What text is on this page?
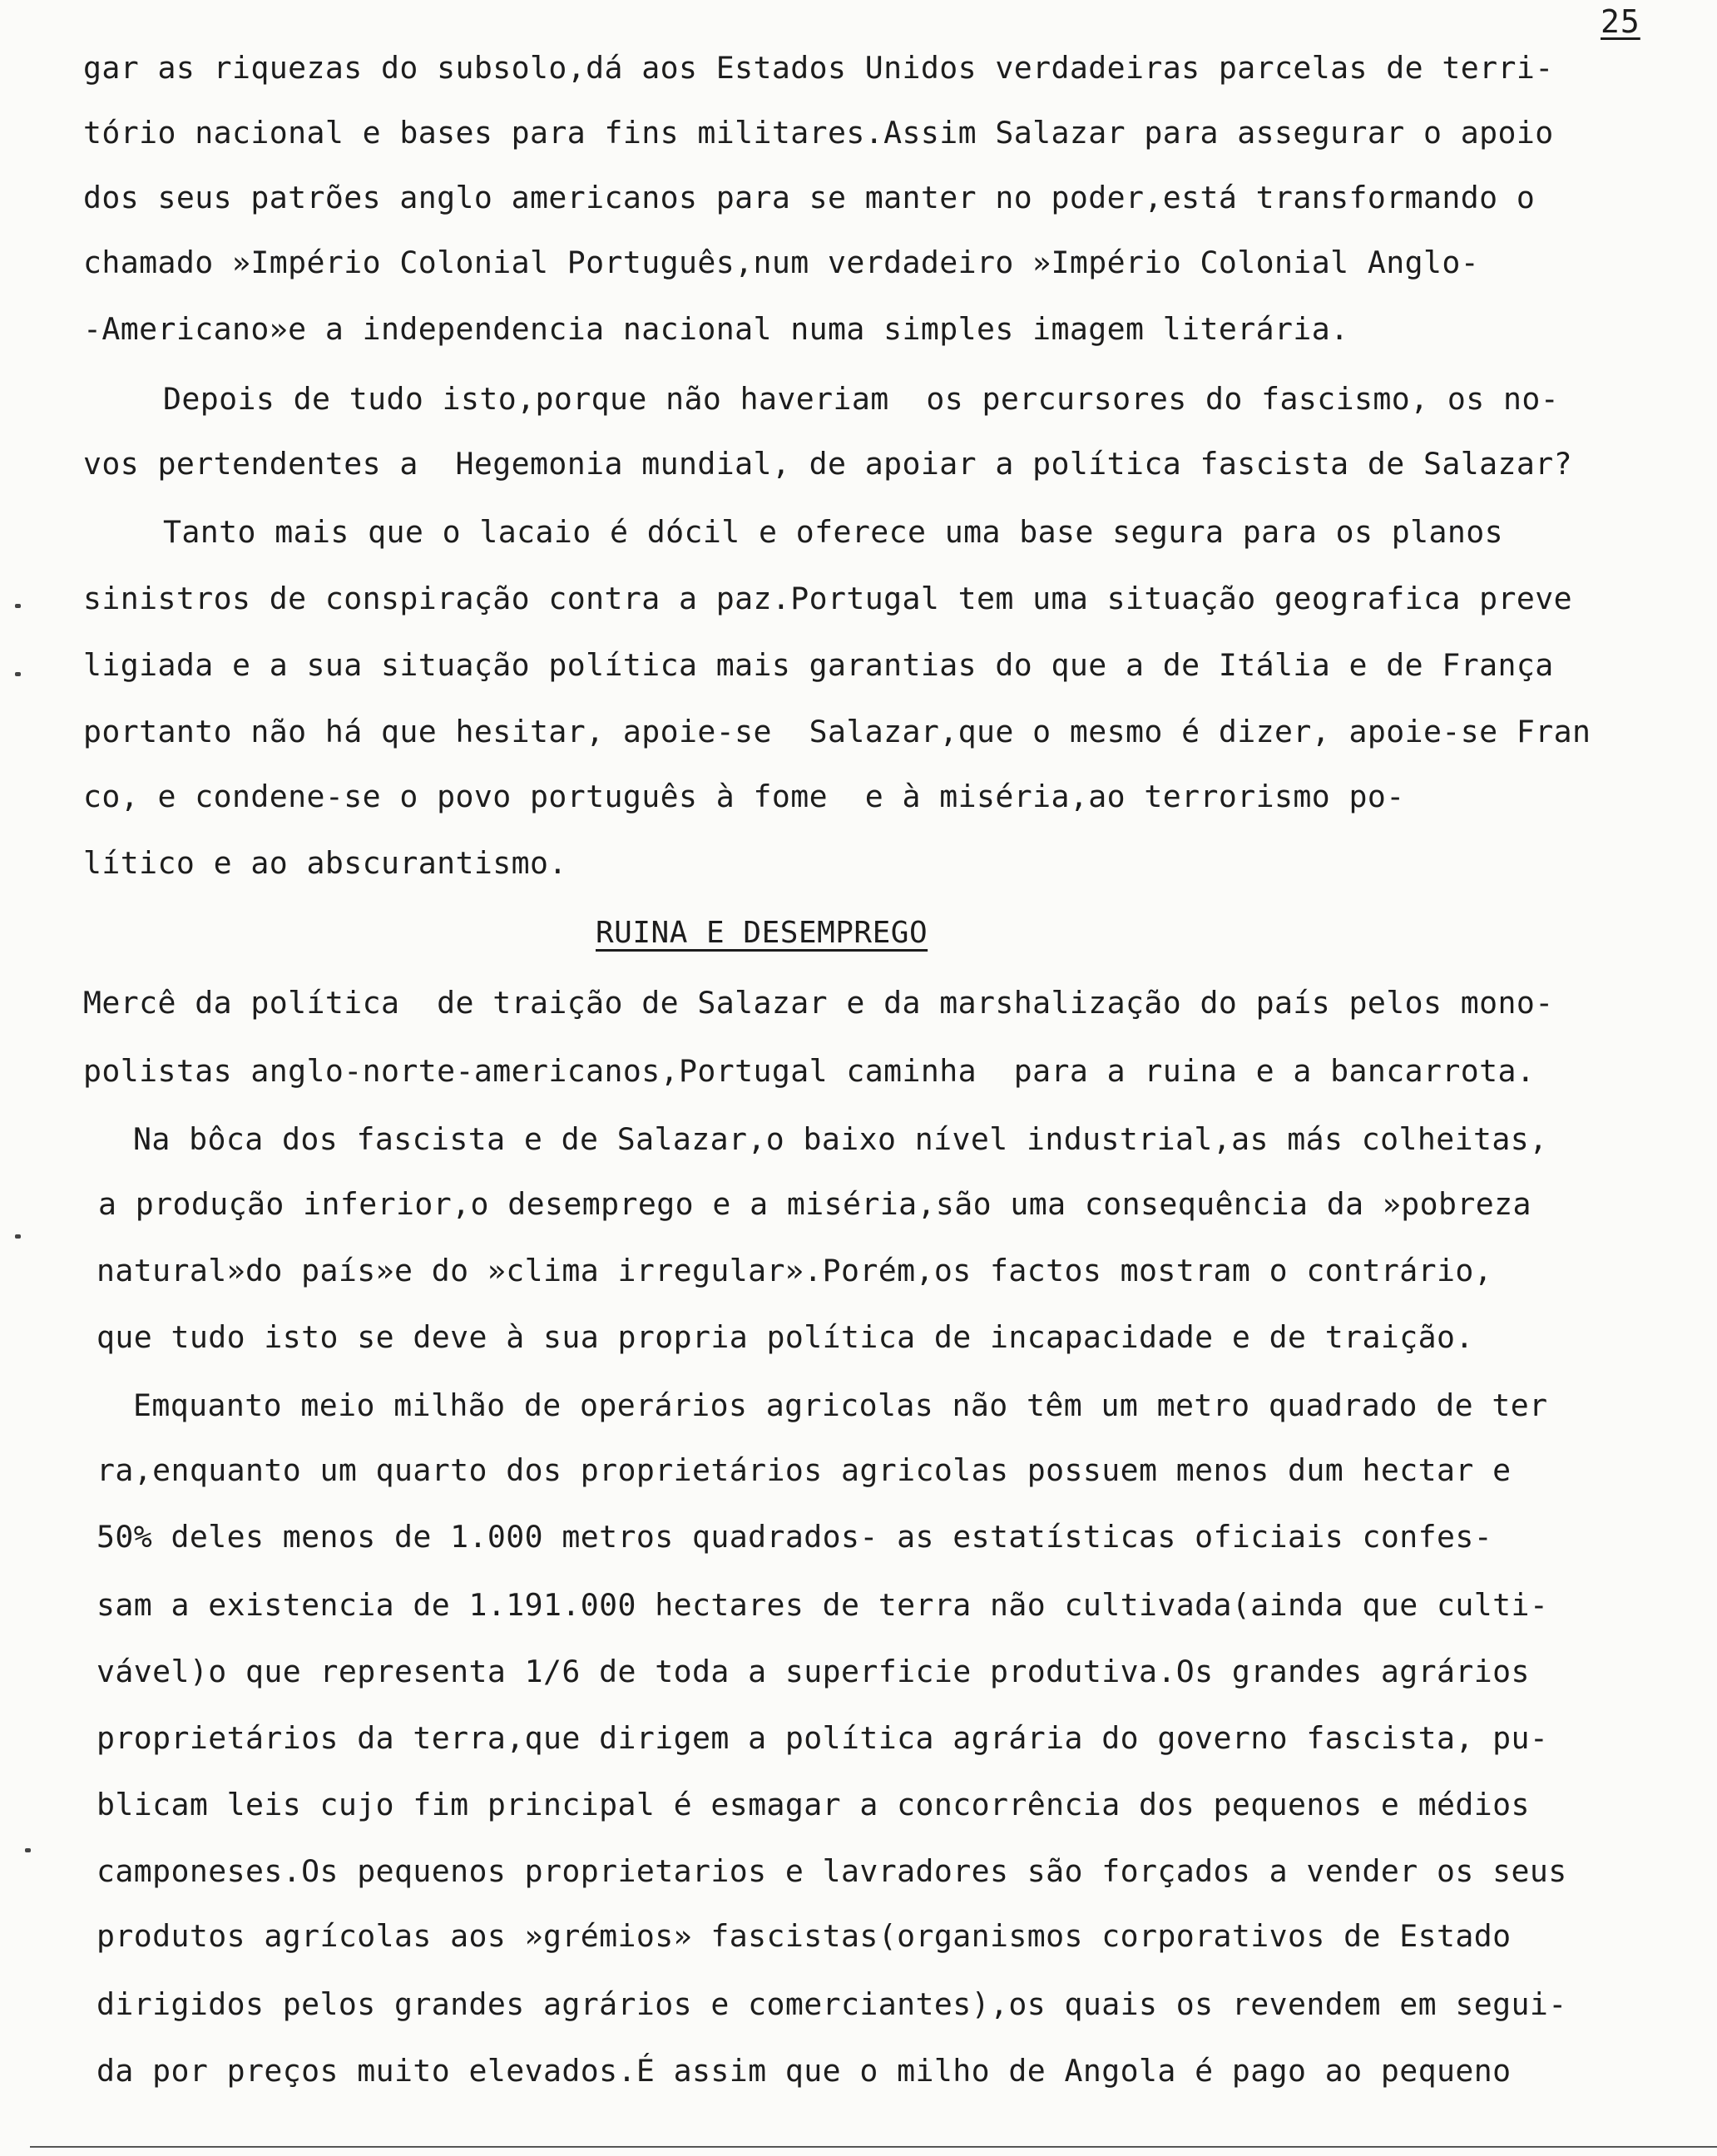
25
gar as riquezas do subsolo,dá aos Estados Unidos verdadeiras parcelas de terri-
tório nacional e bases para fins militares.Assim Salazar para assegurar o apoio
dos seus patrões anglo americanos para se manter no poder,está transformando o
chamado »Império Colonial Português,num verdadeiro »Império Colonial Anglo-
-Americano»e a independencia nacional numa simples imagem literária.
Depois de tudo isto,porque não haveriam  os percursores do fascismo, os no-
vos pertendentes a  Hegemonia mundial, de apoiar a política fascista de Salazar?
Tanto mais que o lacaio é dócil e oferece uma base segura para os planos
sinistros de conspiração contra a paz.Portugal tem uma situação geografica preve
ligiada e a sua situação política mais garantias do que a de Itália e de França
portanto não há que hesitar, apoie-se  Salazar,que o mesmo é dizer, apoie-se Fran
co, e condene-se o povo português à fome  e à miséria,ao terrorismo po-
lítico e ao abscurantismo.
RUINA E DESEMPREGO
Mercê da política  de traição de Salazar e da marshalização do país pelos mono-
polistas anglo-norte-americanos,Portugal caminha  para a ruina e a bancarrota.
Na bôca dos fascista e de Salazar,o baixo nível industrial,as más colheitas,
a produção inferior,o desemprego e a miséria,são uma consequência da »pobreza
natural»do país»e do »clima irregular».Porém,os factos mostram o contrário,
que tudo isto se deve à sua propria política de incapacidade e de traição.
Emquanto meio milhão de operários agricolas não têm um metro quadrado de ter
ra,enquanto um quarto dos proprietários agricolas possuem menos dum hectar e
50% deles menos de 1.000 metros quadrados- as estatísticas oficiais confes-
sam a existencia de 1.191.000 hectares de terra não cultivada(ainda que culti-
vável)o que representa 1/6 de toda a superficie produtiva.Os grandes agrários
proprietários da terra,que dirigem a política agrária do governo fascista, pu-
blicam leis cujo fim principal é esmagar a concorrência dos pequenos e médios
camponeses.Os pequenos proprietarios e lavradores são forçados a vender os seus
produtos agrícolas aos »grémios» fascistas(organismos corporativos de Estado
dirigidos pelos grandes agrários e comerciantes),os quais os revendem em segui-
da por preços muito elevados.É assim que o milho de Angola é pago ao pequeno
